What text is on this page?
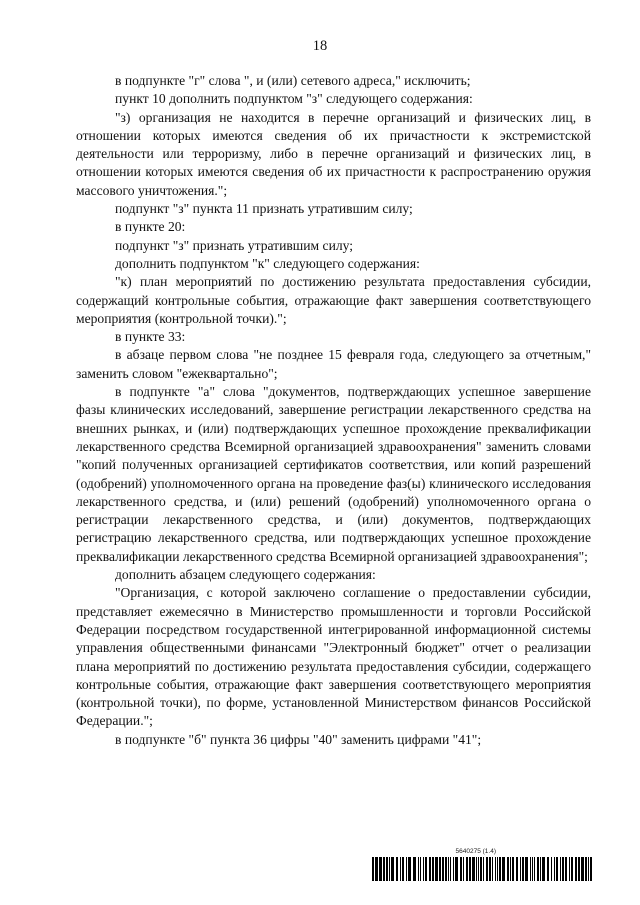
18

в подпункте "г" слова ", и (или) сетевого адреса," исключить;

пункт 10 дополнить подпунктом "з" следующего содержания:

"з) организация не находится в перечне организаций и физических лиц, в отношении которых имеются сведения об их причастности к экстремистской деятельности или терроризму, либо в перечне организаций и физических лиц, в отношении которых имеются сведения об их причастности к распространению оружия массового уничтожения.";

подпункт "з" пункта 11 признать утратившим силу;

в пункте 20:

подпункт "з" признать утратившим силу;

дополнить подпунктом "к" следующего содержания:

"к) план мероприятий по достижению результата предоставления субсидии, содержащий контрольные события, отражающие факт завершения соответствующего мероприятия (контрольной точки).";

в пункте 33:

в абзаце первом слова "не позднее 15 февраля года, следующего за отчетным," заменить словом "ежеквартально";

в подпункте "а" слова "документов, подтверждающих успешное завершение фазы клинических исследований, завершение регистрации лекарственного средства на внешних рынках, и (или) подтверждающих успешное прохождение преквалификации лекарственного средства Всемирной организацией здравоохранения" заменить словами "копий полученных организацией сертификатов соответствия, или копий разрешений (одобрений) уполномоченного органа на проведение фаз(ы) клинического исследования лекарственного средства, и (или) решений (одобрений) уполномоченного органа о регистрации лекарственного средства, и (или) документов, подтверждающих регистрацию лекарственного средства, или подтверждающих успешное прохождение преквалификации лекарственного средства Всемирной организацией здравоохранения";

дополнить абзацем следующего содержания:

"Организация, с которой заключено соглашение о предоставлении субсидии, представляет ежемесячно в Министерство промышленности и торговли Российской Федерации посредством государственной интегрированной информационной системы управления общественными финансами "Электронный бюджет" отчет о реализации плана мероприятий по достижению результата предоставления субсидии, содержащего контрольные события, отражающие факт завершения соответствующего мероприятия (контрольной точки), по форме, установленной Министерством финансов Российской Федерации.";

в подпункте "б" пункта 36 цифры "40" заменить цифрами "41";

5640275 (1.4)
